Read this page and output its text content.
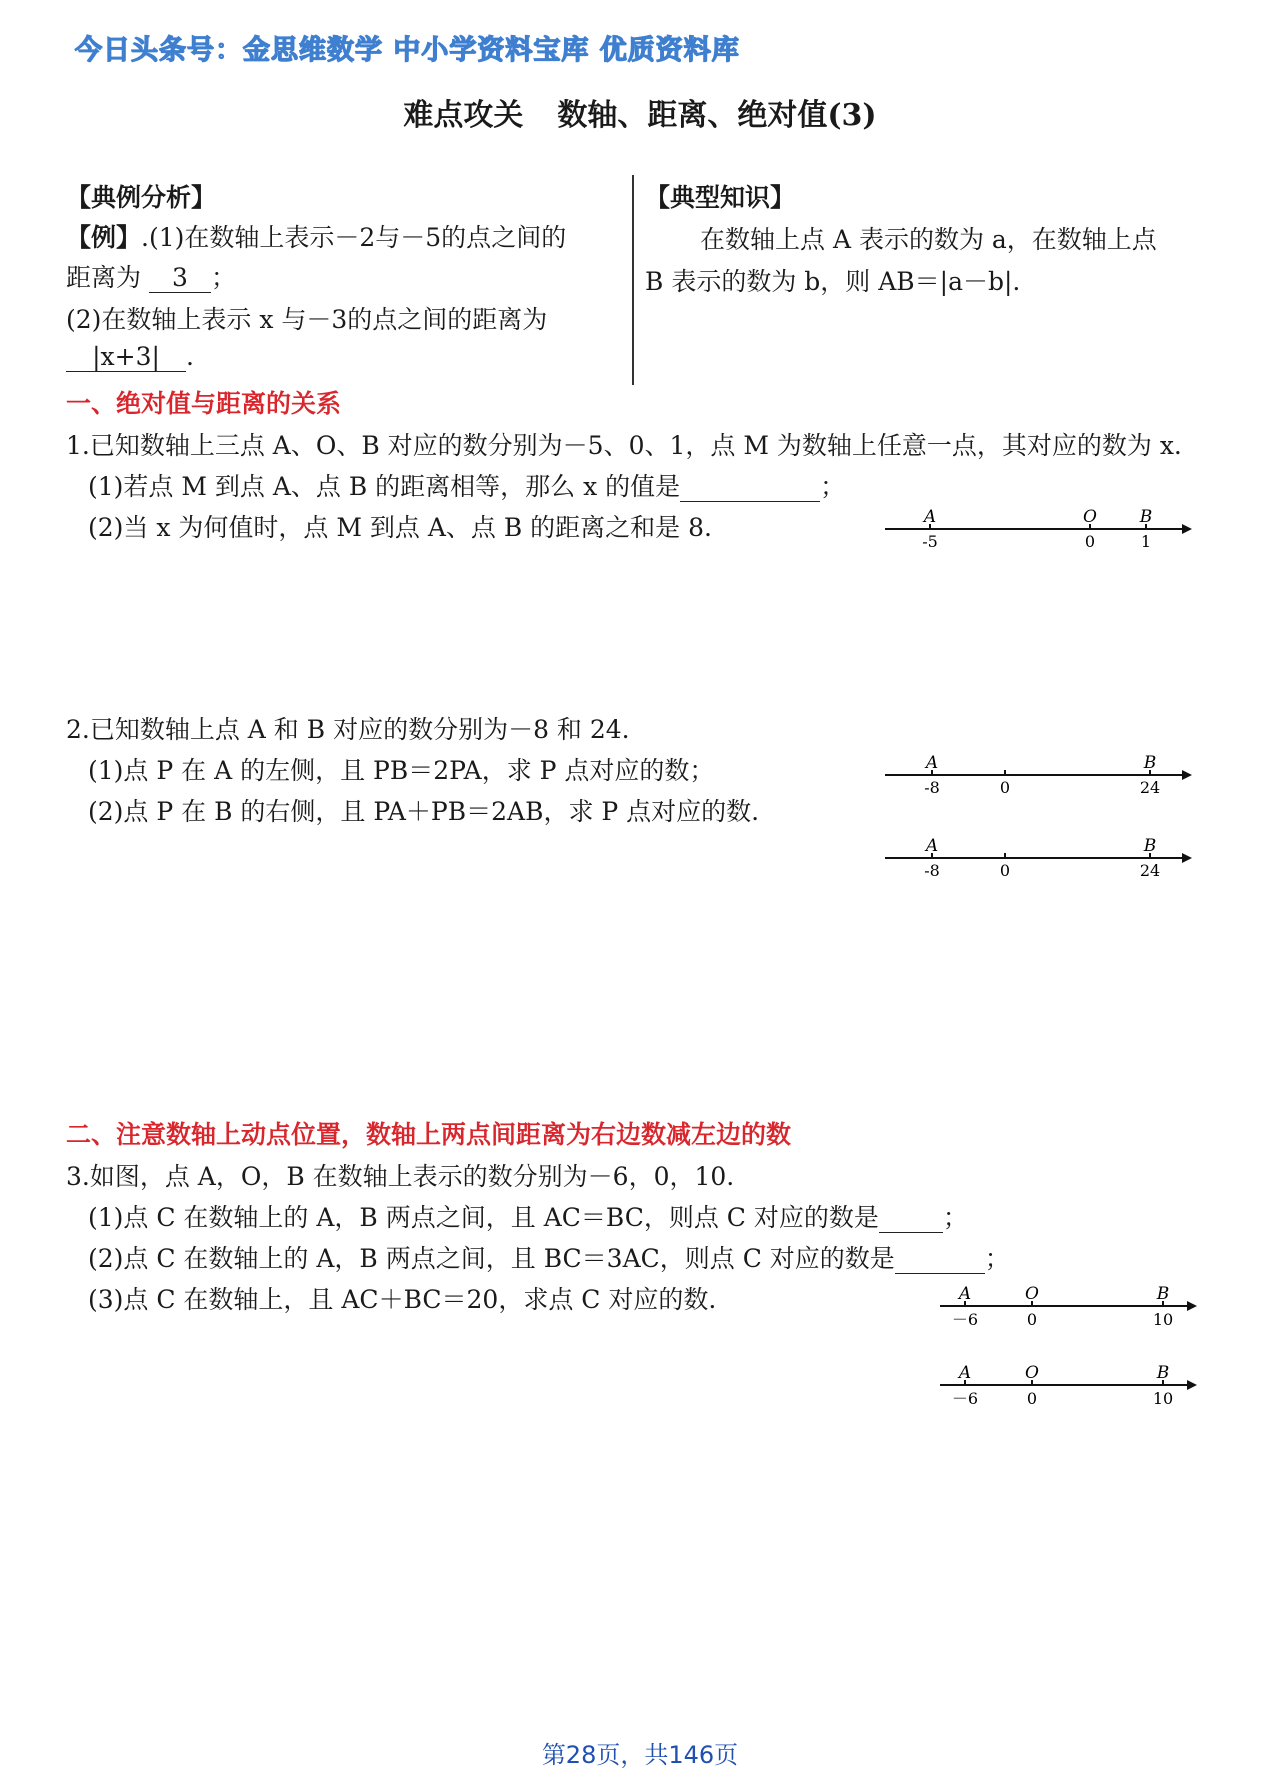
今日头条号：金思维数学 中小学资料宝库 优质资料库
难点攻关 数轴、距离、绝对值(3)
【典例分析】
【例】.(1)在数轴上表示－2与－5的点之间的
距离为 3 ；
(2)在数轴上表示 x 与－3的点之间的距离为
|x+3| .
【典型知识】
在数轴上点 A 表示的数为 a，在数轴上点
B 表示的数为 b，则 AB＝|a－b|.
一、绝对值与距离的关系
1.已知数轴上三点 A、O、B 对应的数分别为－5、0、1，点 M 为数轴上任意一点，其对应的数为 x.
(1)若点 M 到点 A、点 B 的距离相等，那么 x 的值是	；
(2)当 x 为何值时，点 M 到点 A、点 B 的距离之和是 8.	A	O	B
-5	0	1
2.已知数轴上点 A 和 B 对应的数分别为－8 和 24.
(1)点 P 在 A 的左侧，且 PB＝2PA，求 P 点对应的数；
(2)点 P 在 B 的右侧，且 PA＋PB＝2AB，求 P 点对应的数.
A	B
-8	0	24
A	B
-8	0	24
二、注意数轴上动点位置，数轴上两点间距离为右边数减左边的数
3.如图，点 A，O，B 在数轴上表示的数分别为－6，0，10.
(1)点 C 在数轴上的 A，B 两点之间，且 AC＝BC，则点 C 对应的数是	；
(2)点 C 在数轴上的 A，B 两点之间，且 BC＝3AC，则点 C 对应的数是	；
(3)点 C 在数轴上，且 AC＋BC＝20，求点 C 对应的数.	A	O	B
－6	0	10
A	O	B
－6	0	10
第28页，共146页
